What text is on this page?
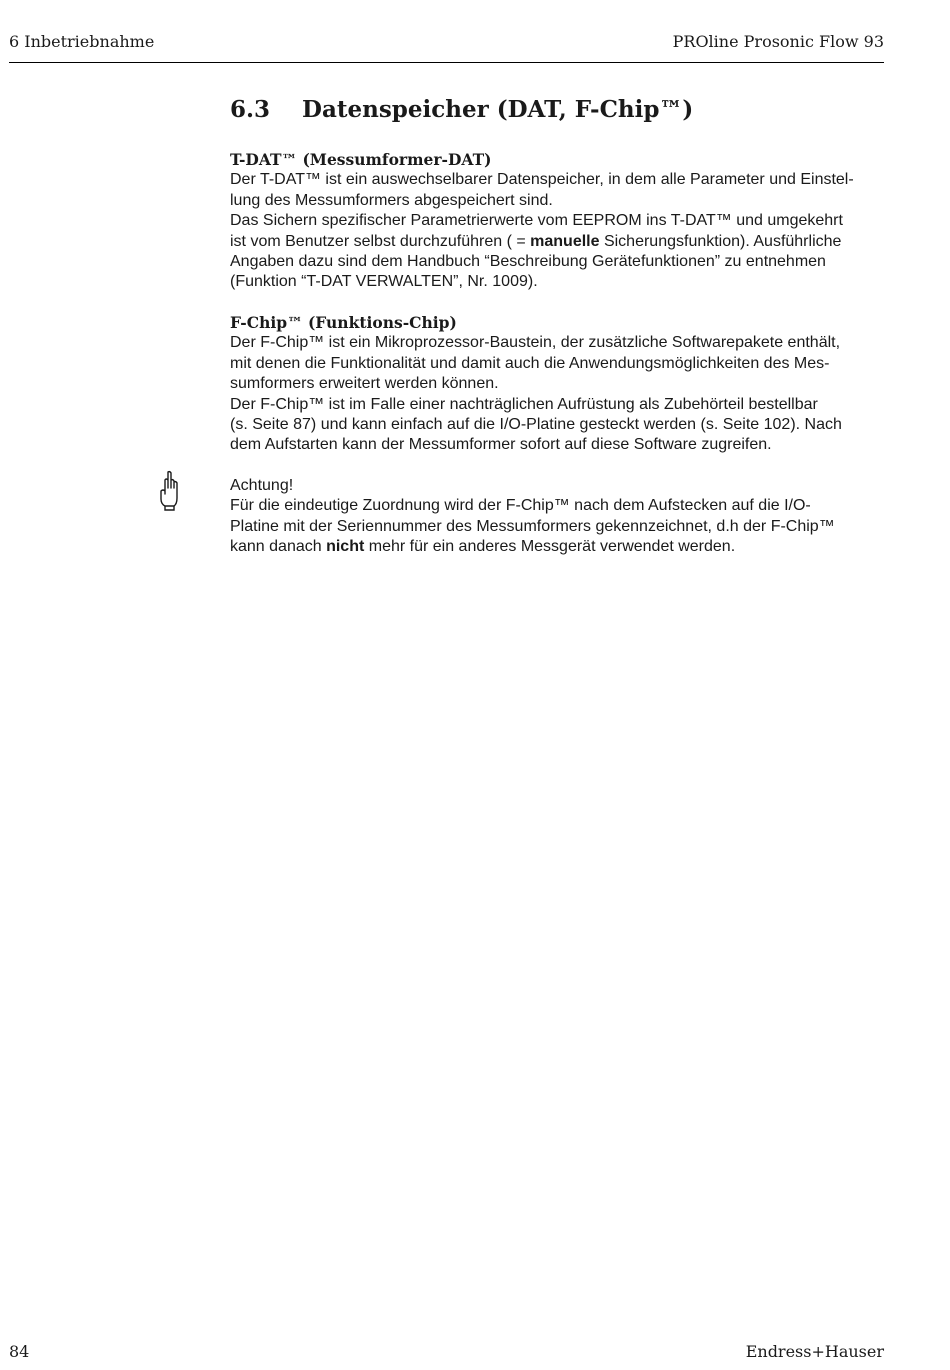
6 Inbetriebnahme	PROline Prosonic Flow 93
6.3 Datenspeicher (DAT, F-Chip™)
T-DAT™ (Messumformer-DAT)

Der T-DAT™ ist ein auswechselbarer Datenspeicher, in dem alle Parameter und Einstel-

lung des Messumformers abgespeichert sind.

Das Sichern spezifischer Parametrierwerte vom EEPROM ins T-DAT™ und umgekehrt

ist vom Benutzer selbst durchzuführen ( = manuelle Sicherungsfunktion). Ausführliche

Angaben dazu sind dem Handbuch “Beschreibung Gerätefunktionen” zu entnehmen

(Funktion “T-DAT VERWALTEN”, Nr. 1009).

F-Chip™ (Funktions-Chip)

Der F-Chip™ ist ein Mikroprozessor-Baustein, der zusätzliche Softwarepakete enthält,

mit denen die Funktionalität und damit auch die Anwendungsmöglichkeiten des Mes-

sumformers erweitert werden können.

Der F-Chip™ ist im Falle einer nachträglichen Aufrüstung als Zubehörteil bestellbar

(s. Seite 87) und kann einfach auf die I/O-Platine gesteckt werden (s. Seite 102). Nach

dem Aufstarten kann der Messumformer sofort auf diese Software zugreifen.

Achtung!

Für die eindeutige Zuordnung wird der F-Chip™ nach dem Aufstecken auf die I/O-

Platine mit der Seriennummer des Messumformers gekennzeichnet, d.h der F-Chip™

kann danach nicht mehr für ein anderes Messgerät verwendet werden.

84	Endress+Hauser
